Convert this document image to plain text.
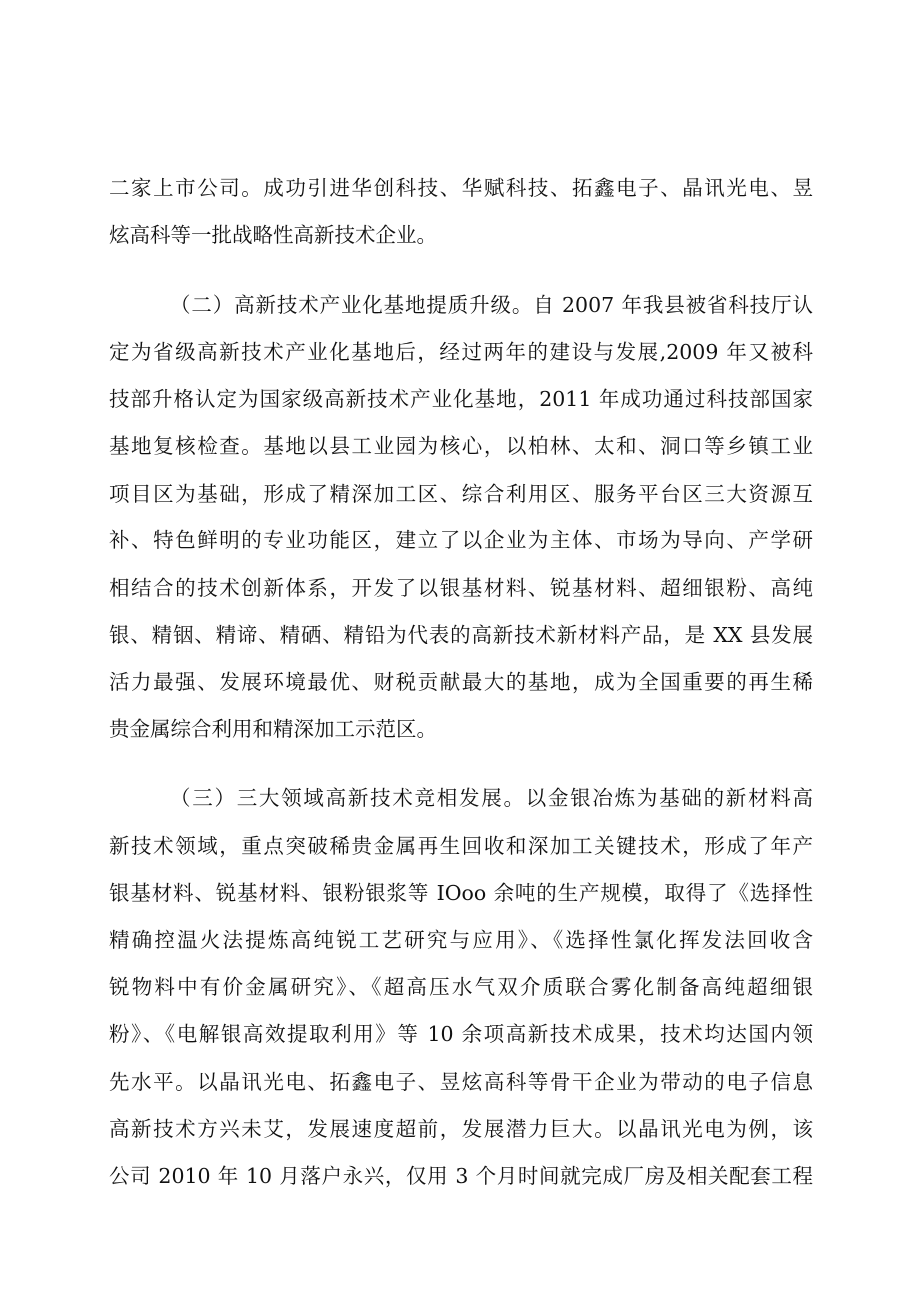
二家上市公司。成功引进华创科技、华赋科技、拓鑫电子、晶讯光电、昱
炫高科等一批战略性高新技术企业。
（二）高新技术产业化基地提质升级。自 2007 年我县被省科技厅认
定为省级高新技术产业化基地后，经过两年的建设与发展,2009 年又被科
技部升格认定为国家级高新技术产业化基地，2011 年成功通过科技部国家
基地复核检查。基地以县工业园为核心，以柏林、太和、洞口等乡镇工业
项目区为基础，形成了精深加工区、综合利用区、服务平台区三大资源互
补、特色鲜明的专业功能区，建立了以企业为主体、市场为导向、产学研
相结合的技术创新体系，开发了以银基材料、锐基材料、超细银粉、高纯
银、精铟、精谛、精硒、精铅为代表的高新技术新材料产品，是 XX 县发展
活力最强、发展环境最优、财税贡献最大的基地，成为全国重要的再生稀
贵金属综合利用和精深加工示范区。
（三）三大领域高新技术竞相发展。以金银冶炼为基础的新材料高
新技术领域，重点突破稀贵金属再生回收和深加工关键技术，形成了年产
银基材料、锐基材料、银粉银浆等 IOoo 余吨的生产规模，取得了《选择性
精确控温火法提炼高纯锐工艺研究与应用》、《选择性氯化挥发法回收含
锐物料中有价金属研究》、《超高压水气双介质联合雾化制备高纯超细银
粉》、《电解银高效提取利用》等 10 余项高新技术成果，技术均达国内领
先水平。以晶讯光电、拓鑫电子、昱炫高科等骨干企业为带动的电子信息
高新技术方兴未艾，发展速度超前，发展潜力巨大。以晶讯光电为例，该
公司 2010 年 10 月落户永兴，仅用 3 个月时间就完成厂房及相关配套工程
